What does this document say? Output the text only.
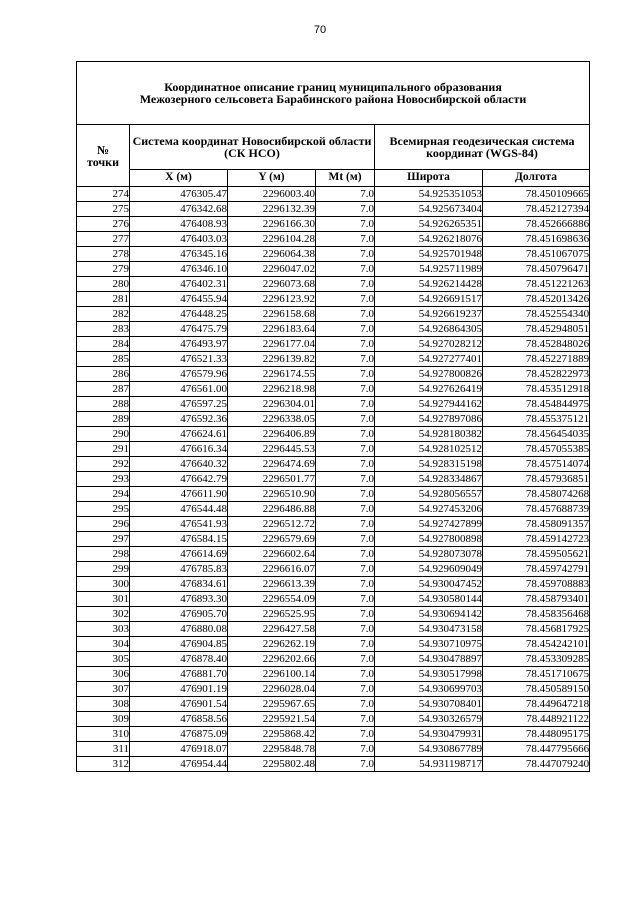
70
Координатное описание границ муниципального образования
Межозерного сельсовета Барабинского района Новосибирской области					

№
точки	Система координат Новосибирской области (СК НСО)			Всемирная геодезическая система координат (WGS-84)	
	X (м)	Y (м)	Mt (м)	Широта	Долгота
274	476305.47	2296003.40	7.0	54.925351053	78.450109665
275	476342.68	2296132.39	7.0	54.925673404	78.452127394
276	476408.93	2296166.30	7.0	54.926265351	78.452666886
277	476403.03	2296104.28	7.0	54.926218076	78.451698636
278	476345.16	2296064.38	7.0	54.925701948	78.451067075
279	476346.10	2296047.02	7.0	54.925711989	78.450796471
280	476402.31	2296073.68	7.0	54.926214428	78.451221263
281	476455.94	2296123.92	7.0	54.926691517	78.452013426
282	476448.25	2296158.68	7.0	54.926619237	78.452554340
283	476475.79	2296183.64	7.0	54.926864305	78.452948051
284	476493.97	2296177.04	7.0	54.927028212	78.452848026
285	476521.33	2296139.82	7.0	54.927277401	78.452271889
286	476579.96	2296174.55	7.0	54.927800826	78.452822973
287	476561.00	2296218.98	7.0	54.927626419	78.453512918
288	476597.25	2296304.01	7.0	54.927944162	78.454844975
289	476592.36	2296338.05	7.0	54.927897086	78.455375121
290	476624.61	2296406.89	7.0	54.928180382	78.456454035
291	476616.34	2296445.53	7.0	54.928102512	78.457055385
292	476640.32	2296474.69	7.0	54.928315198	78.457514074
293	476642.79	2296501.77	7.0	54.928334867	78.457936851
294	476611.90	2296510.90	7.0	54.928056557	78.458074268
295	476544.48	2296486.88	7.0	54.927453206	78.457688739
296	476541.93	2296512.72	7.0	54.927427899	78.458091357
297	476584.15	2296579.69	7.0	54.927800898	78.459142723
298	476614.69	2296602.64	7.0	54.928073078	78.459505621
299	476785.83	2296616.07	7.0	54.929609049	78.459742791
300	476834.61	2296613.39	7.0	54.930047452	78.459708883
301	476893.30	2296554.09	7.0	54.930580144	78.458793401
302	476905.70	2296525.95	7.0	54.930694142	78.458356468
303	476880.08	2296427.58	7.0	54.930473158	78.456817925
304	476904.85	2296262.19	7.0	54.930710975	78.454242101
305	476878.40	2296202.66	7.0	54.930478897	78.453309285
306	476881.70	2296100.14	7.0	54.930517998	78.451710675
307	476901.19	2296028.04	7.0	54.930699703	78.450589150
308	476901.54	2295967.65	7.0	54.930708401	78.449647218
309	476858.56	2295921.54	7.0	54.930326579	78.448921122
310	476875.09	2295868.42	7.0	54.930479931	78.448095175
311	476918.07	2295848.78	7.0	54.930867789	78.447795666
312	476954.44	2295802.48	7.0	54.931198717	78.447079240
